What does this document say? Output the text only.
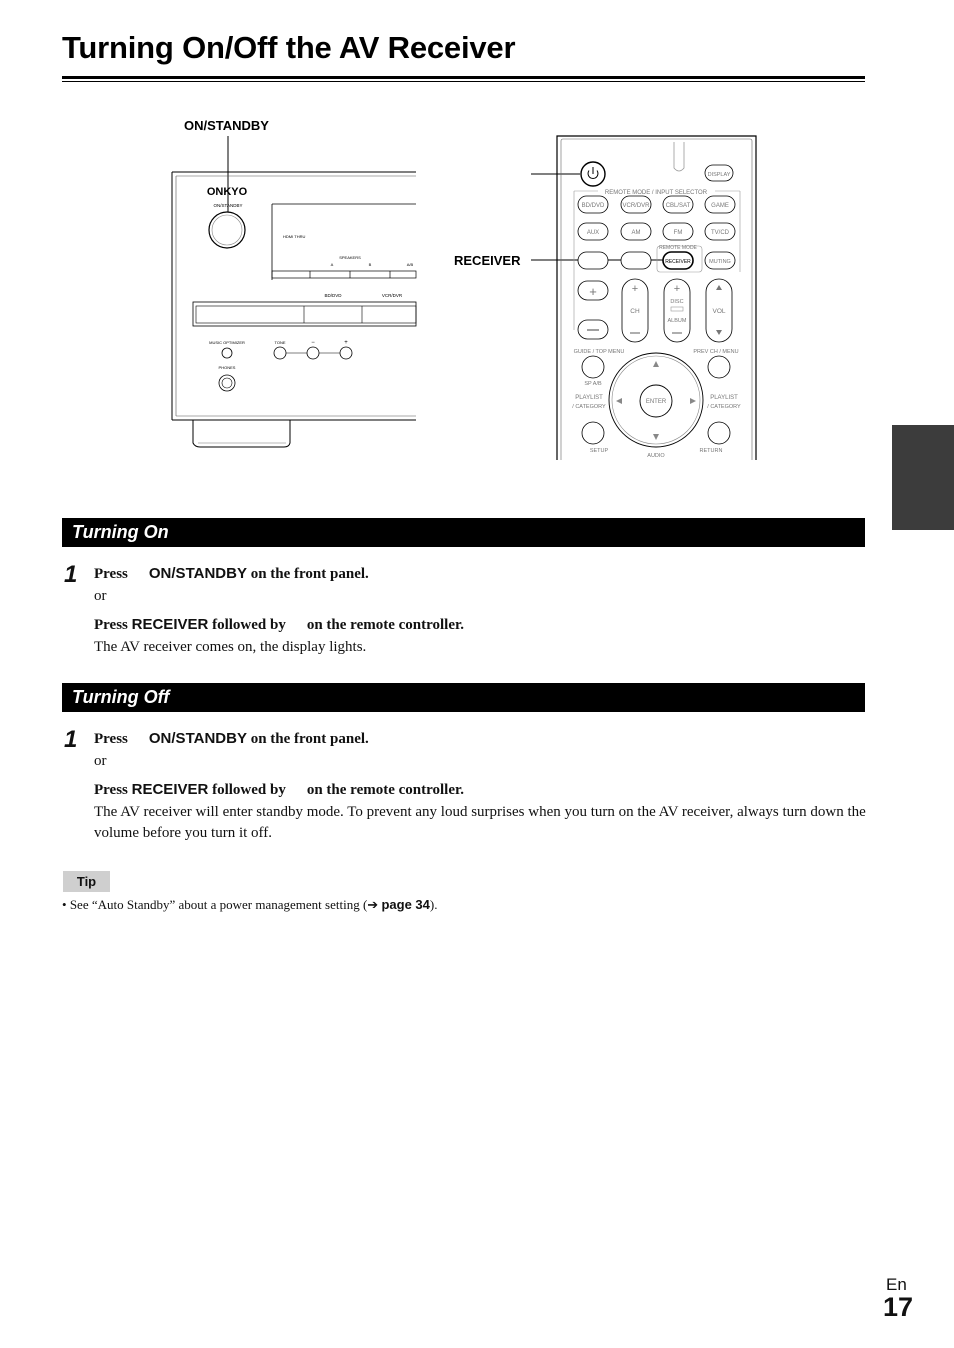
Turning On/Off the AV Receiver
ON/STANDBY
RECEIVER
ONKYO
ON/STANDBY
HDMI THRU
SPEAKERS
A	B	A/B
BD/DVD	VCR/DVR
MUSIC OPTIMIZER	TONE	−	+
PHONES
DISPLAY
REMOTE MODE / INPUT SELECTOR
BD/DVD	VCR/DVR	CBL/SAT	GAME
AUX	AM	FM	TV/CD
REMOTE MODE
RECEIVER	MUTING
+	+
CH
+
DISC
ALBUM
VOL
GUIDE / TOP MENU	PREV CH / MENU
SP A/B
ENTER
PLAYLIST
/ CATEGORY
PLAYLIST
/ CATEGORY
SETUP
AUDIO
RETURN
Turning On
1 Press ON/STANDBY on the front panel.
or
Press RECEIVER followed by on the remote controller.
The AV receiver comes on, the display lights.
Turning Off
1 Press ON/STANDBY on the front panel.
or
Press RECEIVER followed by on the remote controller.
The AV receiver will enter standby mode. To prevent any loud surprises when you turn on the AV receiver, always turn down the volume before you turn it off.
Tip
• See “Auto Standby” about a power management setting (➔ page 34).
En
17
